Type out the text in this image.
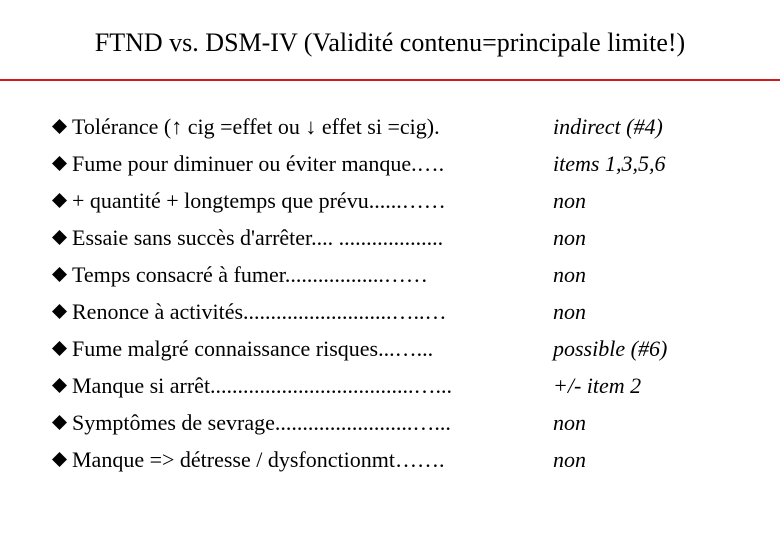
FTND vs. DSM-IV (Validité contenu=principale limite!)
Tolérance (↑ cig =effet ou ↓ effet si =cig).	indirect (#4)
Fume pour diminuer ou éviter manque.….	items 1,3,5,6
+ quantité + longtemps que prévu......……	non
Essaie sans succès d'arrêter.... ...................	non
Temps consacré à fumer..................……	non
Renonce à activités...........................…..…	non
Fume malgré connaissance risques...…...	possible (#6)
Manque si arrêt.....................................…...	+/- item 2
Symptômes de sevrage.........................…...	non
Manque => détresse / dysfonctionmt…….	non
